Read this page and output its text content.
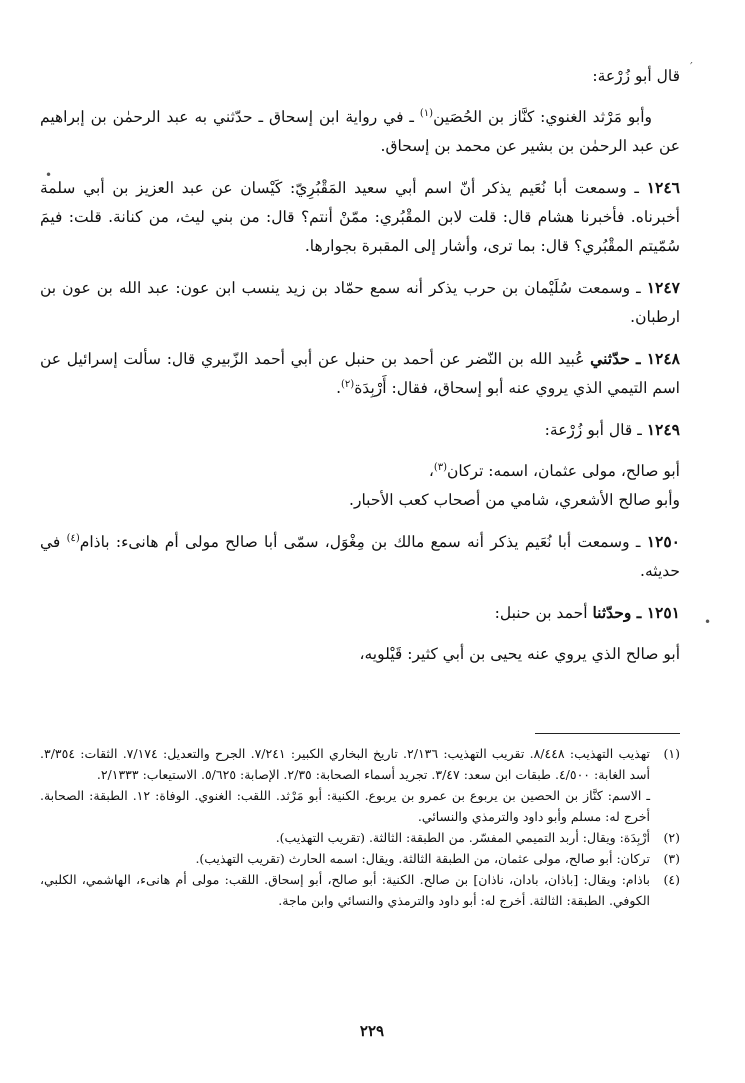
′
•
•

قال أبو زُرْعة:

وأبو مَرْثد الغنوي: كنَّاز بن الحُصَين$^{(١)}$ ـ في رواية ابن إسحاق ـ حدّثني به عبد الرحمٰن بن إبراهيم عن عبد الرحمٰن بن بشير عن محمد بن إسحاق.

١٢٤٦ ـ وسمعت أبا نُعَيم يذكر أنّ اسم أبي سعيد المَقْبُرِيّ: كَيْسان عن عبد العزيز بن أبي سلمة أخبرناه. فأخبرنا هشام قال: قلت لابن المقْبُري: ممّنْ أنتم؟ قال: من بني ليث، من كنانة. قلت: فيمَ سُمّيتم المقْبُري؟ قال: بما ترى، وأشار إلى المقبرة بجوارها.

١٢٤٧ ـ وسمعت سُلَيْمان بن حرب يذكر أنه سمع حمّاد بن زيد ينسب ابن عون: عبد الله بن عون بن ارطبان.

١٢٤٨ ـ حدّثني عُبيد الله بن النّضر عن أحمد بن حنبل عن أبي أحمد الزّبيري قال: سألت إسرائيل عن اسم التيمي الذي يروي عنه أبو إسحاق، فقال: أَرْبِدَة$^{(٢)}$.

١٢٤٩ ـ قال أبو زُرْعة:

أبو صالح، مولى عثمان، اسمه: تركان$^{(٣)}$،

وأبو صالح الأشعري، شامي من أصحاب كعب الأحبار.

١٢٥٠ ـ وسمعت أبا نُعَيم يذكر أنه سمع مالك بن مِغْوَل، سمّى أبا صالح مولى أم هانىء: باذام$^{(٤)}$ في حديثه.

١٢٥١ ـ وحدّثنا أحمد بن حنبل:

أبو صالح الذي يروي عنه يحيى بن أبي كثير: قَيْلويه،

(١)

تهذيب التهذيب: ٨/٤٤٨. تقريب التهذيب: ٢/١٣٦. تاريخ البخاري الكبير: ٧/٢٤١. الجرح والتعديل: ٧/١٧٤. الثقات: ٣/٣٥٤. أسد الغابة: ٤/٥٠٠. طبقات ابن سعد: ٣/٤٧. تجريد أسماء الصحابة: ٢/٣٥. الإصابة: ٥/٦٢٥. الاستيعاب: ٢/١٣٣٣.

ـ الاسم: كنَّاز بن الحصين بن يربوع بن عمرو بن يربوع. الكنية: أبو مَرْثد. اللقب: الغنوي. الوفاة: ١٢. الطبقة: الصحابة. أخرج له: مسلم وأبو داود والترمذي والنسائي.

(٢)

أرْبِدَة: ويقال: أربد التميمي المفسّر. من الطبقة: الثالثة. (تقريب التهذيب).

(٣)

تركان: أبو صالح، مولى عثمان، من الطبقة الثالثة. ويقال: اسمه الحارث (تقريب التهذيب).

(٤)

باذام: ويقال: [باذان، بادان، ناذان] بن صالح. الكنية: أبو صالح، أبو إسحاق. اللقب: مولى أم هانىء، الهاشمي، الكلبي، الكوفي. الطبقة: الثالثة. أخرج له: أبو داود والترمذي والنسائي وابن ماجة.

٢٢٩
